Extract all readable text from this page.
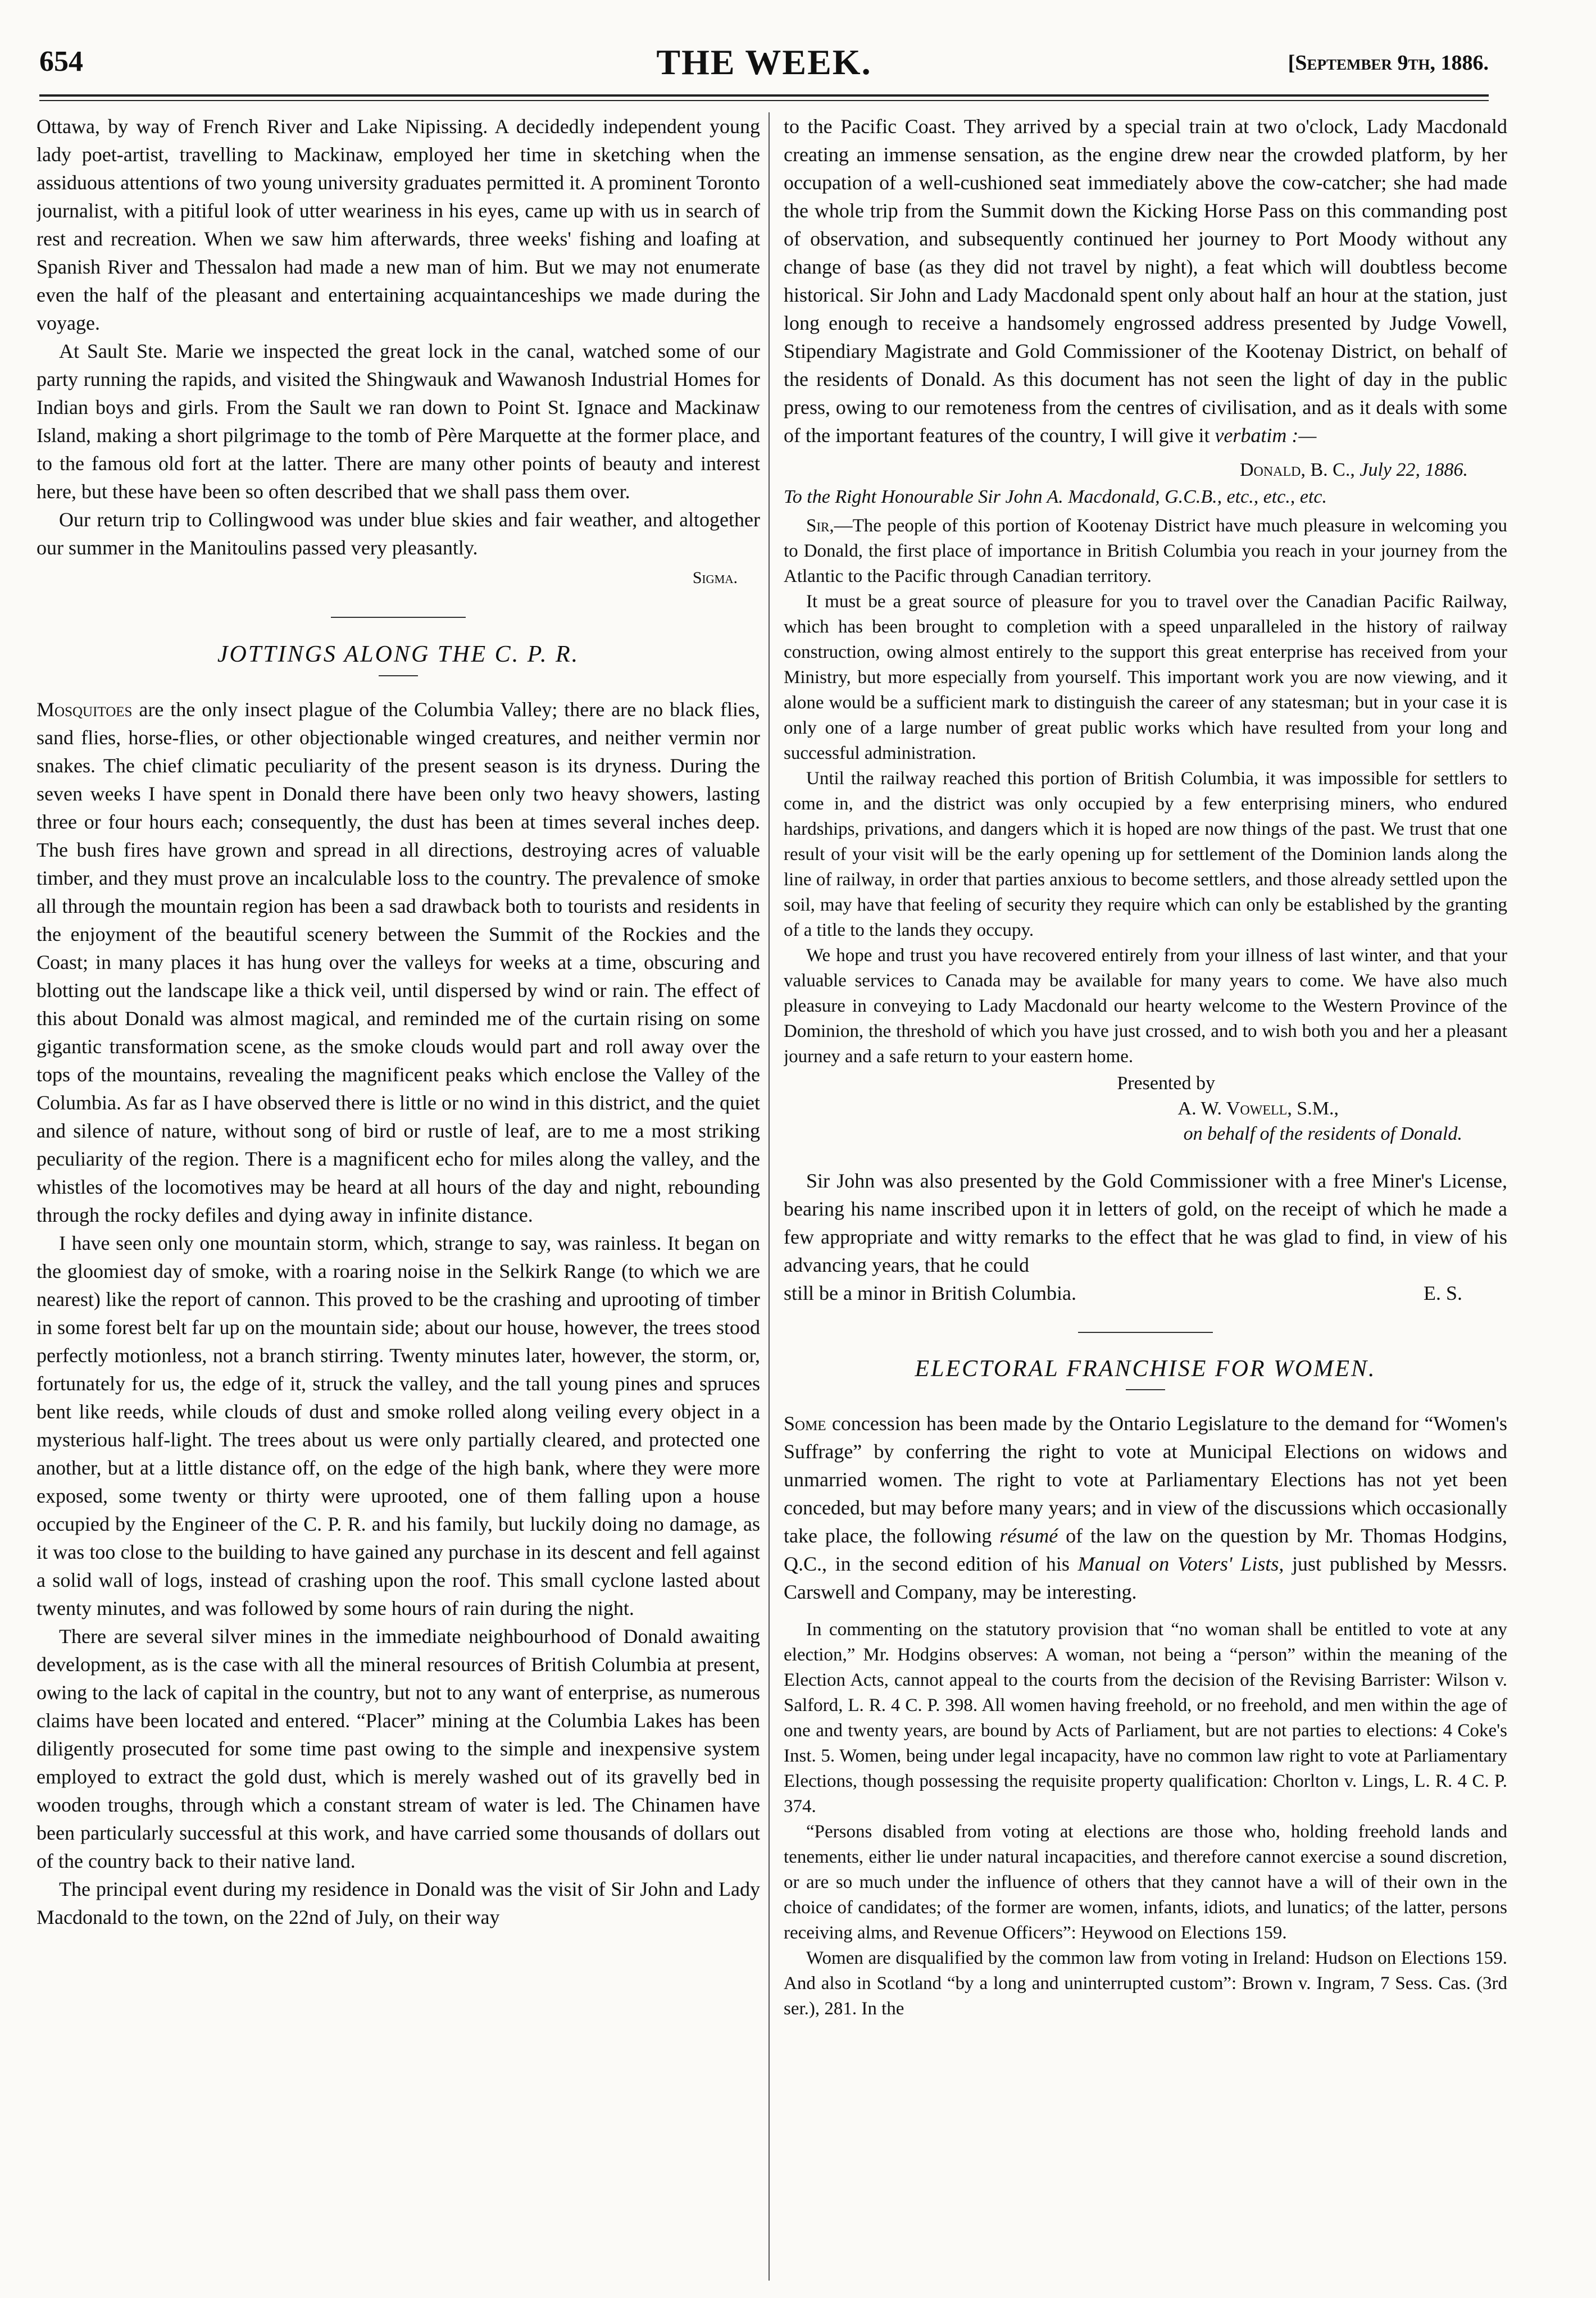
654	THE WEEK.	[September 9th, 1886.

Ottawa, by way of French River and Lake Nipissing. A decidedly independent young lady poet-artist, travelling to Mackinaw, employed her time in sketching when the assiduous attentions of two young university graduates permitted it. A prominent Toronto journalist, with a pitiful look of utter weariness in his eyes, came up with us in search of rest and recreation. When we saw him afterwards, three weeks' fishing and loafing at Spanish River and Thessalon had made a new man of him. But we may not enumerate even the half of the pleasant and entertaining acquaintanceships we made during the voyage.

At Sault Ste. Marie we inspected the great lock in the canal, watched some of our party running the rapids, and visited the Shingwauk and Wawanosh Industrial Homes for Indian boys and girls. From the Sault we ran down to Point St. Ignace and Mackinaw Island, making a short pilgrimage to the tomb of Père Marquette at the former place, and to the famous old fort at the latter. There are many other points of beauty and interest here, but these have been so often described that we shall pass them over.

Our return trip to Collingwood was under blue skies and fair weather, and altogether our summer in the Manitoulins passed very pleasantly.

Sigma.
JOTTINGS ALONG THE C. P. R.

Mosquitoes are the only insect plague of the Columbia Valley; there are no black flies, sand flies, horse-flies, or other objectionable winged creatures, and neither vermin nor snakes. The chief climatic peculiarity of the present season is its dryness. During the seven weeks I have spent in Donald there have been only two heavy showers, lasting three or four hours each; consequently, the dust has been at times several inches deep. The bush fires have grown and spread in all directions, destroying acres of valuable timber, and they must prove an incalculable loss to the country. The prevalence of smoke all through the mountain region has been a sad drawback both to tourists and residents in the enjoyment of the beautiful scenery between the Summit of the Rockies and the Coast; in many places it has hung over the valleys for weeks at a time, obscuring and blotting out the landscape like a thick veil, until dispersed by wind or rain. The effect of this about Donald was almost magical, and reminded me of the curtain rising on some gigantic transformation scene, as the smoke clouds would part and roll away over the tops of the mountains, revealing the magnificent peaks which enclose the Valley of the Columbia. As far as I have observed there is little or no wind in this district, and the quiet and silence of nature, without song of bird or rustle of leaf, are to me a most striking peculiarity of the region. There is a magnificent echo for miles along the valley, and the whistles of the locomotives may be heard at all hours of the day and night, rebounding through the rocky defiles and dying away in infinite distance.

I have seen only one mountain storm, which, strange to say, was rainless. It began on the gloomiest day of smoke, with a roaring noise in the Selkirk Range (to which we are nearest) like the report of cannon. This proved to be the crashing and uprooting of timber in some forest belt far up on the mountain side; about our house, however, the trees stood perfectly motionless, not a branch stirring. Twenty minutes later, however, the storm, or, fortunately for us, the edge of it, struck the valley, and the tall young pines and spruces bent like reeds, while clouds of dust and smoke rolled along veiling every object in a mysterious half-light. The trees about us were only partially cleared, and protected one another, but at a little distance off, on the edge of the high bank, where they were more exposed, some twenty or thirty were uprooted, one of them falling upon a house occupied by the Engineer of the C. P. R. and his family, but luckily doing no damage, as it was too close to the building to have gained any purchase in its descent and fell against a solid wall of logs, instead of crashing upon the roof. This small cyclone lasted about twenty minutes, and was followed by some hours of rain during the night.

There are several silver mines in the immediate neighbourhood of Donald awaiting development, as is the case with all the mineral resources of British Columbia at present, owing to the lack of capital in the country, but not to any want of enterprise, as numerous claims have been located and entered. “Placer” mining at the Columbia Lakes has been diligently prosecuted for some time past owing to the simple and inexpensive system employed to extract the gold dust, which is merely washed out of its gravelly bed in wooden troughs, through which a constant stream of water is led. The Chinamen have been particularly successful at this work, and have carried some thousands of dollars out of the country back to their native land.

The principal event during my residence in Donald was the visit of Sir John and Lady Macdonald to the town, on the 22nd of July, on their way

to the Pacific Coast. They arrived by a special train at two o'clock, Lady Macdonald creating an immense sensation, as the engine drew near the crowded platform, by her occupation of a well-cushioned seat immediately above the cow-catcher; she had made the whole trip from the Summit down the Kicking Horse Pass on this commanding post of observation, and subsequently continued her journey to Port Moody without any change of base (as they did not travel by night), a feat which will doubtless become historical. Sir John and Lady Macdonald spent only about half an hour at the station, just long enough to receive a handsomely engrossed address presented by Judge Vowell, Stipendiary Magistrate and Gold Commissioner of the Kootenay District, on behalf of the residents of Donald. As this document has not seen the light of day in the public press, owing to our remoteness from the centres of civilisation, and as it deals with some of the important features of the country, I will give it verbatim :—

Donald, B. C., July 22, 1886.
To the Right Honourable Sir John A. Macdonald, G.C.B., etc., etc., etc.

Sir,—The people of this portion of Kootenay District have much pleasure in welcoming you to Donald, the first place of importance in British Columbia you reach in your journey from the Atlantic to the Pacific through Canadian territory.

It must be a great source of pleasure for you to travel over the Canadian Pacific Railway, which has been brought to completion with a speed unparalleled in the history of railway construction, owing almost entirely to the support this great enterprise has received from your Ministry, but more especially from yourself. This important work you are now viewing, and it alone would be a sufficient mark to distinguish the career of any statesman; but in your case it is only one of a large number of great public works which have resulted from your long and successful administration.

Until the railway reached this portion of British Columbia, it was impossible for settlers to come in, and the district was only occupied by a few enterprising miners, who endured hardships, privations, and dangers which it is hoped are now things of the past. We trust that one result of your visit will be the early opening up for settlement of the Dominion lands along the line of railway, in order that parties anxious to become settlers, and those already settled upon the soil, may have that feeling of security they require which can only be established by the granting of a title to the lands they occupy.

We hope and trust you have recovered entirely from your illness of last winter, and that your valuable services to Canada may be available for many years to come. We have also much pleasure in conveying to Lady Macdonald our hearty welcome to the Western Province of the Dominion, the threshold of which you have just crossed, and to wish both you and her a pleasant journey and a safe return to your eastern home.

Presented by
A. W. Vowell, S.M.,
on behalf of the residents of Donald.

Sir John was also presented by the Gold Commissioner with a free Miner's License, bearing his name inscribed upon it in letters of gold, on the receipt of which he made a few appropriate and witty remarks to the effect that he was glad to find, in view of his advancing years, that he could

still be a minor in British Columbia.	E. S.
ELECTORAL FRANCHISE FOR WOMEN.

Some concession has been made by the Ontario Legislature to the demand for “Women's Suffrage” by conferring the right to vote at Municipal Elections on widows and unmarried women. The right to vote at Parliamentary Elections has not yet been conceded, but may before many years; and in view of the discussions which occasionally take place, the following résumé of the law on the question by Mr. Thomas Hodgins, Q.C., in the second edition of his Manual on Voters' Lists, just published by Messrs. Carswell and Company, may be interesting.

In commenting on the statutory provision that “no woman shall be entitled to vote at any election,” Mr. Hodgins observes: A woman, not being a “person” within the meaning of the Election Acts, cannot appeal to the courts from the decision of the Revising Barrister: Wilson v. Salford, L. R. 4 C. P. 398. All women having freehold, or no freehold, and men within the age of one and twenty years, are bound by Acts of Parliament, but are not parties to elections: 4 Coke's Inst. 5. Women, being under legal incapacity, have no common law right to vote at Parliamentary Elections, though possessing the requisite property qualification: Chorlton v. Lings, L. R. 4 C. P. 374.

“Persons disabled from voting at elections are those who, holding freehold lands and tenements, either lie under natural incapacities, and therefore cannot exercise a sound discretion, or are so much under the influence of others that they cannot have a will of their own in the choice of candidates; of the former are women, infants, idiots, and lunatics; of the latter, persons receiving alms, and Revenue Officers”: Heywood on Elections 159.

Women are disqualified by the common law from voting in Ireland: Hudson on Elections 159. And also in Scotland “by a long and uninterrupted custom”: Brown v. Ingram, 7 Sess. Cas. (3rd ser.), 281. In the
